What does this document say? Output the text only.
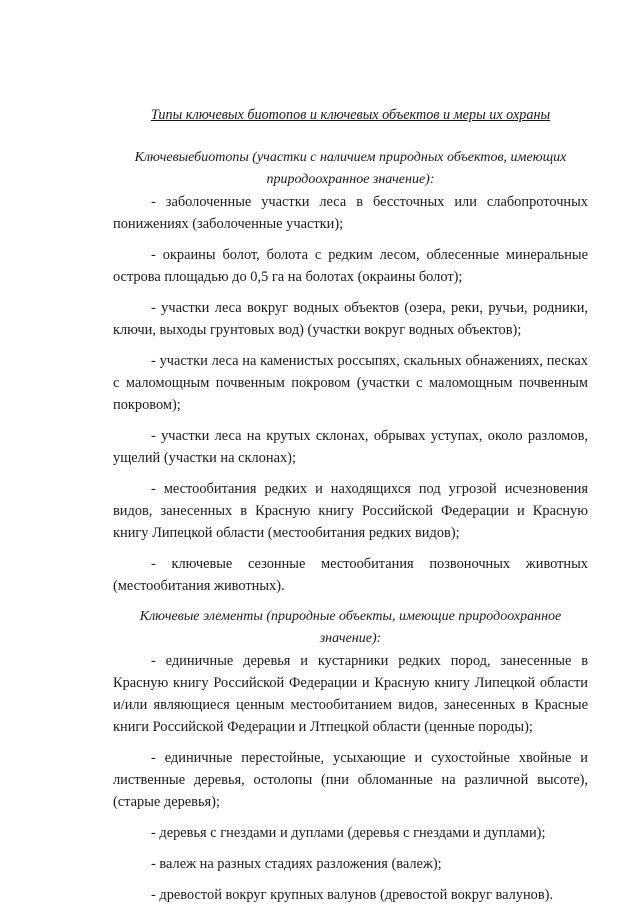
Типы ключевых биотопов и ключевых объектов и меры их охраны

Ключевыебиотопы (участки с наличием природных объектов, имеющих природоохранное значение):

- заболоченные участки леса в бессточных или слабопроточных понижениях (заболоченные участки);

- окраины болот, болота с редким лесом, облесенные минеральные острова площадью до 0,5 га на болотах (окраины болот);

- участки леса вокруг водных объектов (озера, реки, ручьи, родники, ключи, выходы грунтовых вод) (участки вокруг водных объектов);

- участки леса на каменистых россыпях, скальных обнажениях, песках с маломощным почвенным покровом (участки с маломощным почвенным покровом);

- участки леса на крутых склонах, обрывах уступах, около разломов, ущелий (участки на склонах);

- местообитания редких и находящихся под угрозой исчезновения видов, занесенных в Красную книгу Российской Федерации и Красную книгу Липецкой области (местообитания редких видов);

- ключевые сезонные местообитания позвоночных животных (местообитания животных).

Ключевые элементы (природные объекты, имеющие природоохранное значение):

- единичные деревья и кустарники редких пород, занесенные в Красную книгу Российской Федерации и Красную книгу Липецкой области и/или являющиеся ценным местообитанием видов, занесенных в Красные книги Российской Федерации и Лтпецкой области (ценные породы);

- единичные перестойные, усыхающие и сухостойные хвойные и лиственные деревья, остолопы (пни обломанные на различной высоте), (старые деревья);

- деревья с гнездами и дуплами (деревья с гнездами и дуплами);

- валеж на разных стадиях разложения (валеж);

- древостой вокруг крупных валунов (древостой вокруг валунов).
